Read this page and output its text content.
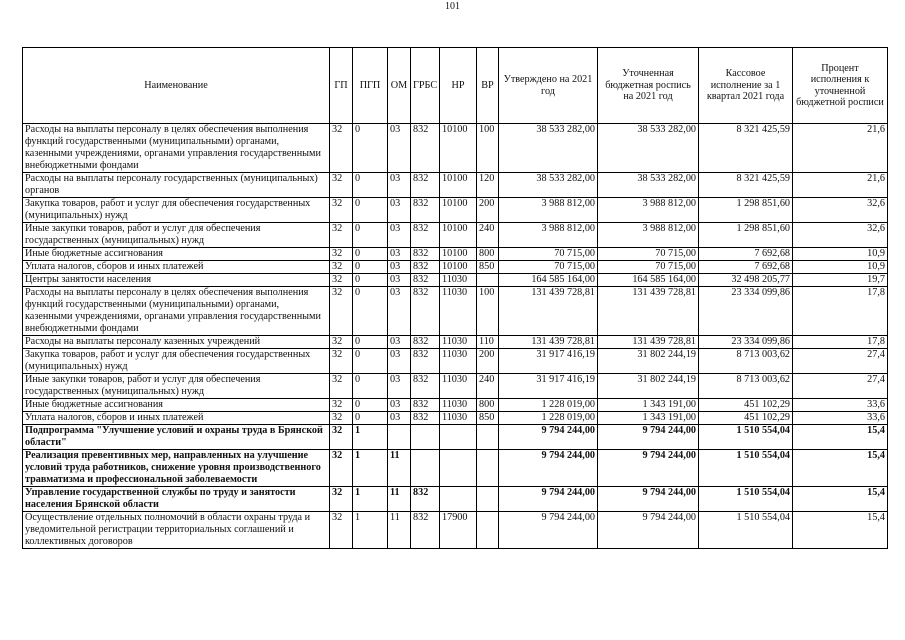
101
Наименование	ГП	ПГП	ОМ	ГРБС	НР	ВР	Утверждено на 2021 год	Уточненная бюджетная роспись на 2021 год	Кассовое исполнение за 1 квартал 2021 года	Процент исполнения к уточненной бюджетной росписи
Расходы на выплаты персоналу в целях обеспечения выполнения функций государственными (муниципальными) органами, казенными учреждениями, органами управления государственными внебюджетными фондами	32	0	03	832	10100	100	38 533 282,00	38 533 282,00	8 321 425,59	21,6
Расходы на выплаты персоналу государственных (муниципальных) органов	32	0	03	832	10100	120	38 533 282,00	38 533 282,00	8 321 425,59	21,6
Закупка товаров, работ и услуг для обеспечения государственных (муниципальных) нужд	32	0	03	832	10100	200	3 988 812,00	3 988 812,00	1 298 851,60	32,6
Иные закупки товаров, работ и услуг для обеспечения государственных (муниципальных) нужд	32	0	03	832	10100	240	3 988 812,00	3 988 812,00	1 298 851,60	32,6
Иные бюджетные ассигнования	32	0	03	832	10100	800	70 715,00	70 715,00	7 692,68	10,9
Уплата налогов, сборов и иных платежей	32	0	03	832	10100	850	70 715,00	70 715,00	7 692,68	10,9
Центры занятости населения	32	0	03	832	11030		164 585 164,00	164 585 164,00	32 498 205,77	19,7
Расходы на выплаты персоналу в целях обеспечения выполнения функций государственными (муниципальными) органами, казенными учреждениями, органами управления государственными внебюджетными фондами	32	0	03	832	11030	100	131 439 728,81	131 439 728,81	23 334 099,86	17,8
Расходы на выплаты персоналу казенных учреждений	32	0	03	832	11030	110	131 439 728,81	131 439 728,81	23 334 099,86	17,8
Закупка товаров, работ и услуг для обеспечения государственных (муниципальных) нужд	32	0	03	832	11030	200	31 917 416,19	31 802 244,19	8 713 003,62	27,4
Иные закупки товаров, работ и услуг для обеспечения государственных (муниципальных) нужд	32	0	03	832	11030	240	31 917 416,19	31 802 244,19	8 713 003,62	27,4
Иные бюджетные ассигнования	32	0	03	832	11030	800	1 228 019,00	1 343 191,00	451 102,29	33,6
Уплата налогов, сборов и иных платежей	32	0	03	832	11030	850	1 228 019,00	1 343 191,00	451 102,29	33,6
Подпрограмма "Улучшение условий и охраны труда в Брянской области"	32	1					9 794 244,00	9 794 244,00	1 510 554,04	15,4
Реализация превентивных мер, направленных на улучшение условий труда работников, снижение уровня производственного травматизма и профессиональной заболеваемости	32	1	11				9 794 244,00	9 794 244,00	1 510 554,04	15,4
Управление государственной службы по труду и занятости населения Брянской области	32	1	11	832			9 794 244,00	9 794 244,00	1 510 554,04	15,4
Осуществление отдельных полномочий в области охраны труда и уведомительной регистрации территориальных соглашений и коллективных договоров	32	1	11	832	17900		9 794 244,00	9 794 244,00	1 510 554,04	15,4
